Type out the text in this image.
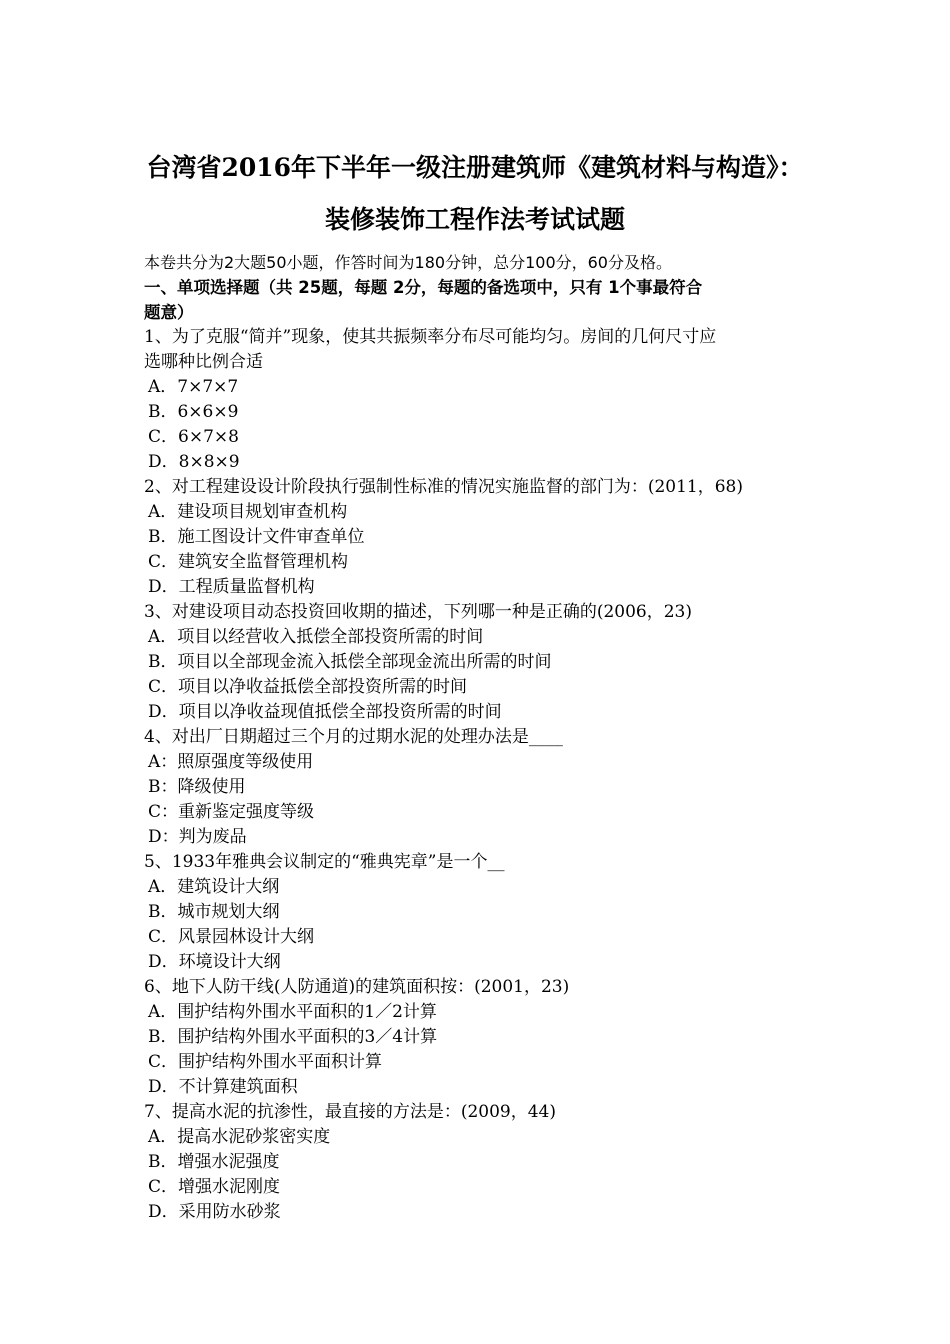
台湾省2016年下半年一级注册建筑师《建筑材料与构造》：
装修装饰工程作法考试试题
本卷共分为2大题50小题，作答时间为180分钟，总分100分，60分及格。
一、单项选择题（共 25题，每题 2分，每题的备选项中，只有 1个事最符合
题意）
1、为了克服“简并”现象，使其共振频率分布尽可能均匀。房间的几何尺寸应
选哪种比例合适
A．7×7×7
B．6×6×9
C．6×7×8
D．8×8×9
2、对工程建设设计阶段执行强制性标准的情况实施监督的部门为：(2011，68)
A．建设项目规划审查机构
B．施工图设计文件审查单位
C．建筑安全监督管理机构
D．工程质量监督机构
3、对建设项目动态投资回收期的描述，下列哪一种是正确的(2006，23)
A．项目以经营收入抵偿全部投资所需的时间
B．项目以全部现金流入抵偿全部现金流出所需的时间
C．项目以净收益抵偿全部投资所需的时间
D．项目以净收益现值抵偿全部投资所需的时间
4、对出厂日期超过三个月的过期水泥的处理办法是____
A：照原强度等级使用
B：降级使用
C：重新鉴定强度等级
D：判为废品
5、1933年雅典会议制定的“雅典宪章”是一个__
A．建筑设计大纲
B．城市规划大纲
C．风景园林设计大纲
D．环境设计大纲
6、地下人防干线(人防通道)的建筑面积按：(2001，23)
A．围护结构外围水平面积的1／2计算
B．围护结构外围水平面积的3／4计算
C．围护结构外围水平面积计算
D．不计算建筑面积
7、提高水泥的抗渗性，最直接的方法是：(2009，44)
A．提高水泥砂浆密实度
B．增强水泥强度
C．增强水泥刚度
D．采用防水砂浆
